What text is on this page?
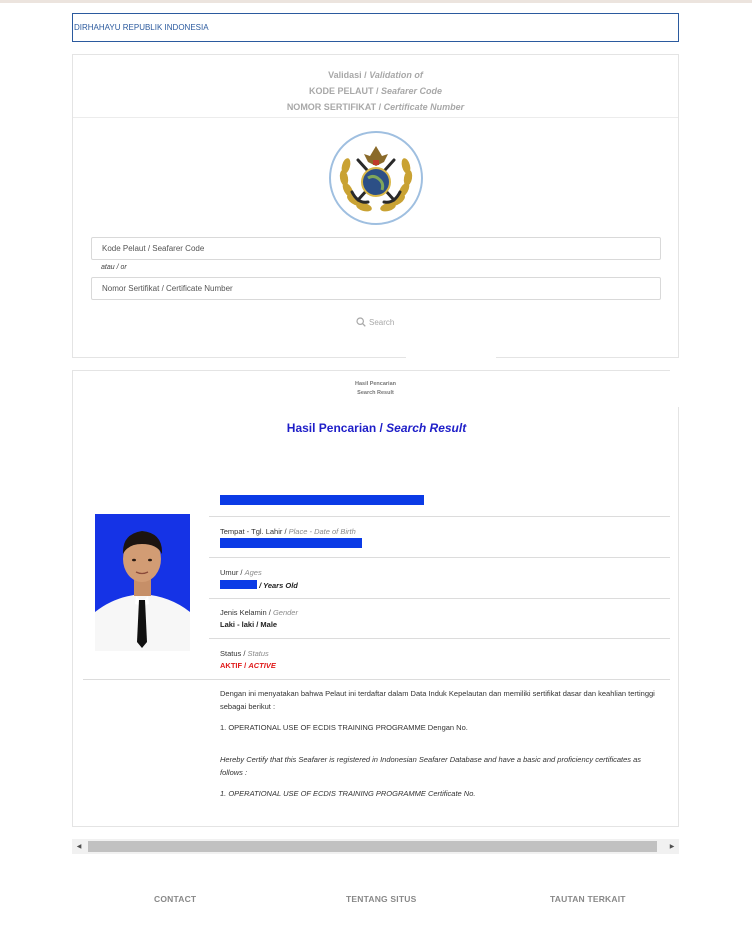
DIRHAHAYU REPUBLIK INDONESIA
Validasi / Validation of
KODE PELAUT / Seafarer Code
NOMOR SERTIFIKAT / Certificate Number
Kode Pelaut / Seafarer Code
atau / or
Nomor Sertifikat / Certificate Number
Search
Hasil Pencarian
Search Result
Hasil Pencarian / Search Result
Tempat - Tgl. Lahir / Place - Date of Birth
Umur / Ages
/ Years Old
Jenis Kelamin / Gender
Laki - laki / Male
Status / Status
AKTIF / ACTIVE
Dengan ini menyatakan bahwa Pelaut ini terdaftar dalam Data Induk Kepelautan dan memiliki sertifikat dasar dan keahlian tertinggi sebagai berikut :
1. OPERATIONAL USE OF ECDIS TRAINING PROGRAMME Dengan No.
Hereby Certify that this Seafarer is registered in Indonesian Seafarer Database and have a basic and proficiency certificates as follows :
1. OPERATIONAL USE OF ECDIS TRAINING PROGRAMME Certificate No.
◀	▶
CONTACT	TENTANG SITUS	TAUTAN TERKAIT
